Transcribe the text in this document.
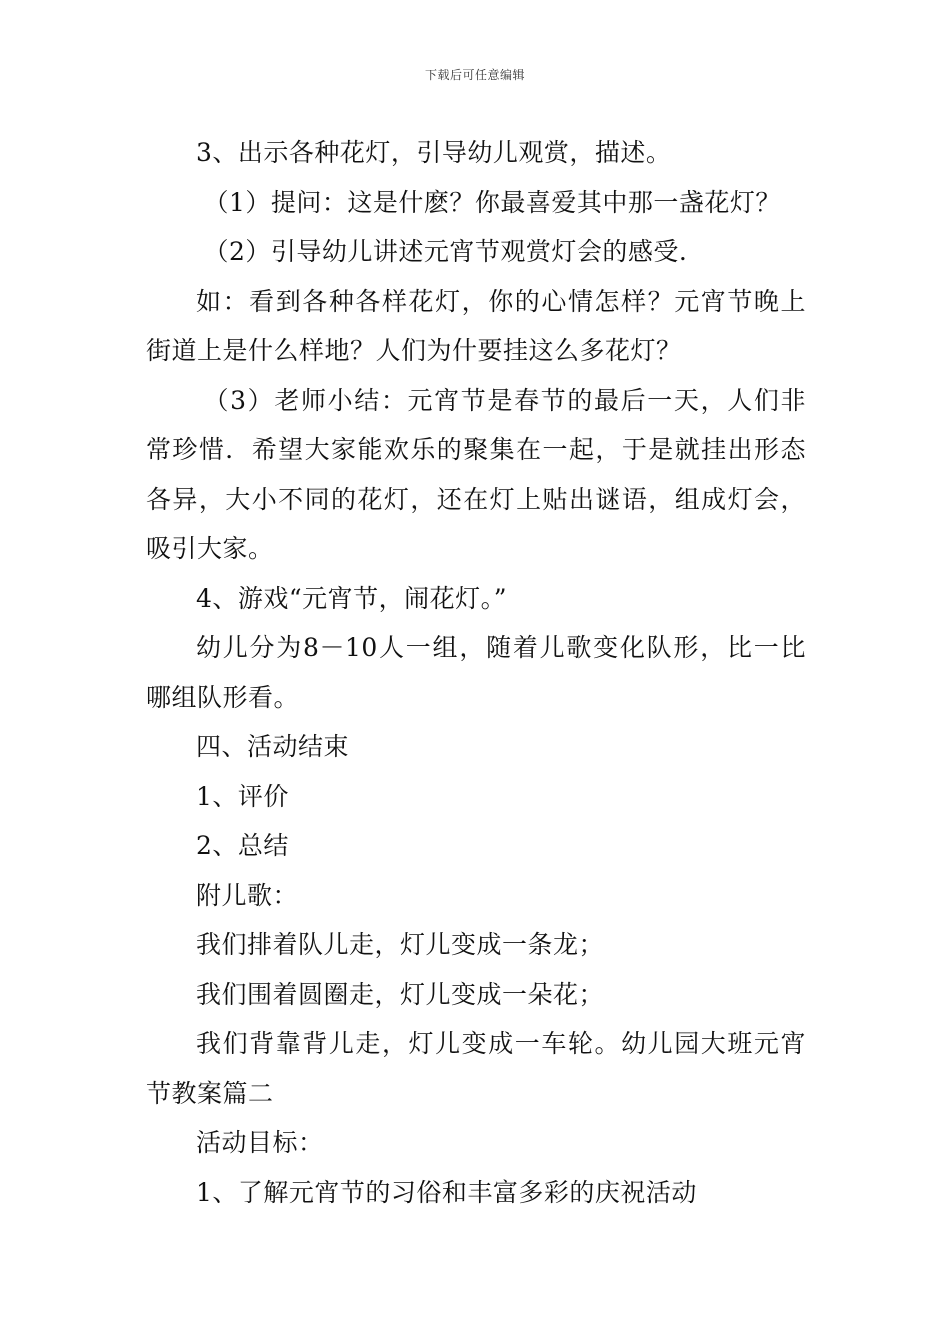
下载后可任意编辑

3、出示各种花灯，引导幼儿观赏，描述。

（1）提问：这是什麽？你最喜爱其中那一盏花灯？

（2）引导幼儿讲述元宵节观赏灯会的感受.

如：看到各种各样花灯，你的心情怎样？元宵节晚上街道上是什么样地？人们为什要挂这么多花灯？

（3）老师小结：元宵节是春节的最后一天，人们非常珍惜．希望大家能欢乐的聚集在一起，于是就挂出形态各异，大小不同的花灯，还在灯上贴出谜语，组成灯会，吸引大家。

4、游戏“元宵节，闹花灯。”

幼儿分为8－10人一组，随着儿歌变化队形，比一比哪组队形看。

四、活动结束

1、评价

2、总结

附儿歌：

我们排着队儿走，灯儿变成一条龙；

我们围着圆圈走，灯儿变成一朵花；

我们背靠背儿走，灯儿变成一车轮。幼儿园大班元宵节教案篇二

活动目标：

1、了解元宵节的习俗和丰富多彩的庆祝活动
